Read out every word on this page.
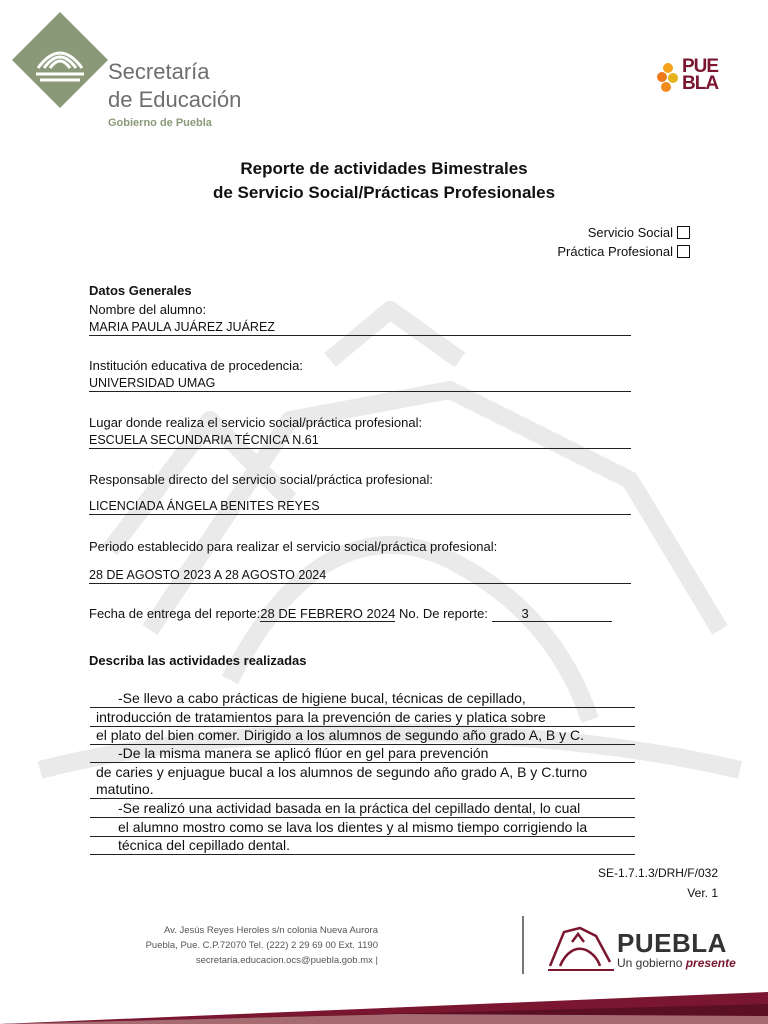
Secretaría
de Educación
Gobierno de Puebla
PUE
BLA
Reporte de actividades Bimestrales
de Servicio Social/Prácticas Profesionales
Servicio Social
Práctica Profesional
Datos Generales
Nombre del alumno:
MARIA PAULA JUÁREZ JUÁREZ
Institución educativa de procedencia:
UNIVERSIDAD UMAG
Lugar donde realiza el servicio social/práctica profesional:
ESCUELA SECUNDARIA TÉCNICA N.61
Responsable directo del servicio social/práctica profesional:
LICENCIADA ÁNGELA BENITES REYES
Periodo establecido para realizar el servicio social/práctica profesional:
28 DE AGOSTO 2023 A 28 AGOSTO 2024
Fecha de entrega del reporte:28 DE FEBRERO 2024 No. De reporte:	3
Describa las actividades realizadas
-Se llevo a cabo prácticas de higiene bucal, técnicas de cepillado,
introducción de tratamientos para la prevención de caries y platica sobre
el plato del bien comer. Dirigido a los alumnos de segundo año grado A, B y C.
-De la misma manera se aplicó flúor en gel para prevención
de caries y enjuague bucal a los alumnos de segundo año grado A, B y C.turno
matutino.
-Se realizó una actividad basada en la práctica del cepillado dental, lo cual
el alumno mostro como se lava los dientes y al mismo tiempo corrigiendo la
técnica del cepillado dental.
SE-1.7.1.3/DRH/F/032
Ver. 1
Av. Jesús Reyes Heroles s/n colonia Nueva Aurora
Puebla, Pue. C.P.72070 Tel. (222) 2 29 69 00 Ext. 1190
secretaria.educacion.ocs@puebla.gob.mx |
PUEBLA
Un gobierno presente
